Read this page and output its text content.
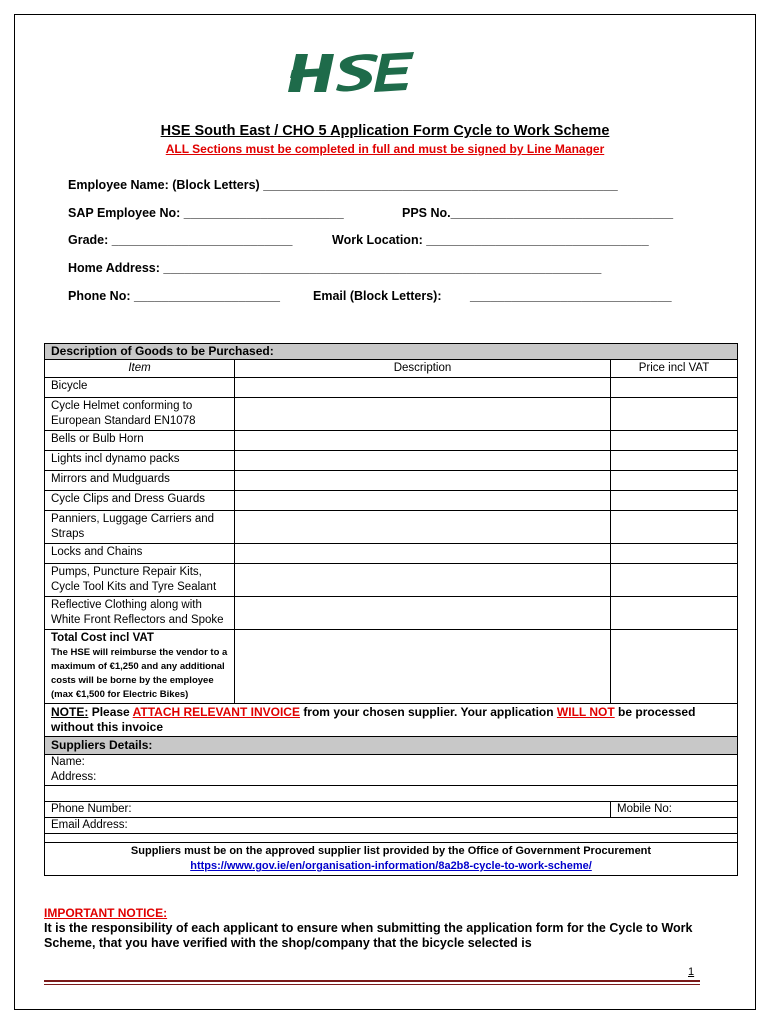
HSE South East / CHO 5 Application Form Cycle to Work Scheme
ALL Sections must be completed in full and must be signed by Line Manager
Employee Name: (Block Letters) ___________________________________________________
SAP Employee No: _______________________	PPS No.________________________________
Grade: __________________________	Work Location: ________________________________
Home Address: _______________________________________________________________
Phone No: _____________________	Email (Block Letters): _____________________________
Description of Goods to be Purchased:		
Item	Description	Price incl VAT
Bicycle		
Cycle Helmet conforming to European Standard EN1078		
Bells or Bulb Horn		
Lights incl dynamo packs		
Mirrors and Mudguards		
Cycle Clips and Dress Guards		
Panniers, Luggage Carriers and Straps		
Locks and Chains		
Pumps, Puncture Repair Kits, Cycle Tool Kits and Tyre Sealant		
Reflective Clothing along with White Front Reflectors and Spoke		

Total Cost incl VAT
The HSE will reimburse the vendor to a maximum of €1,250 and any additional costs will be borne by the employee (max €1,500 for Electric Bikes)		

NOTE: Please ATTACH RELEVANT INVOICE from your chosen supplier. Your application WILL NOT be processed without this invoice		
Suppliers Details:		
Name:
Address:		

Phone Number:		Mobile No:
Email Address:		

Suppliers must be on the approved supplier list provided by the Office of Government Procurement
https://www.gov.ie/en/organisation-information/8a2b8-cycle-to-work-scheme/		
IMPORTANT NOTICE:
It is the responsibility of each applicant to ensure when submitting the application form for the Cycle to Work Scheme, that you have verified with the shop/company that the bicycle selected is
1
